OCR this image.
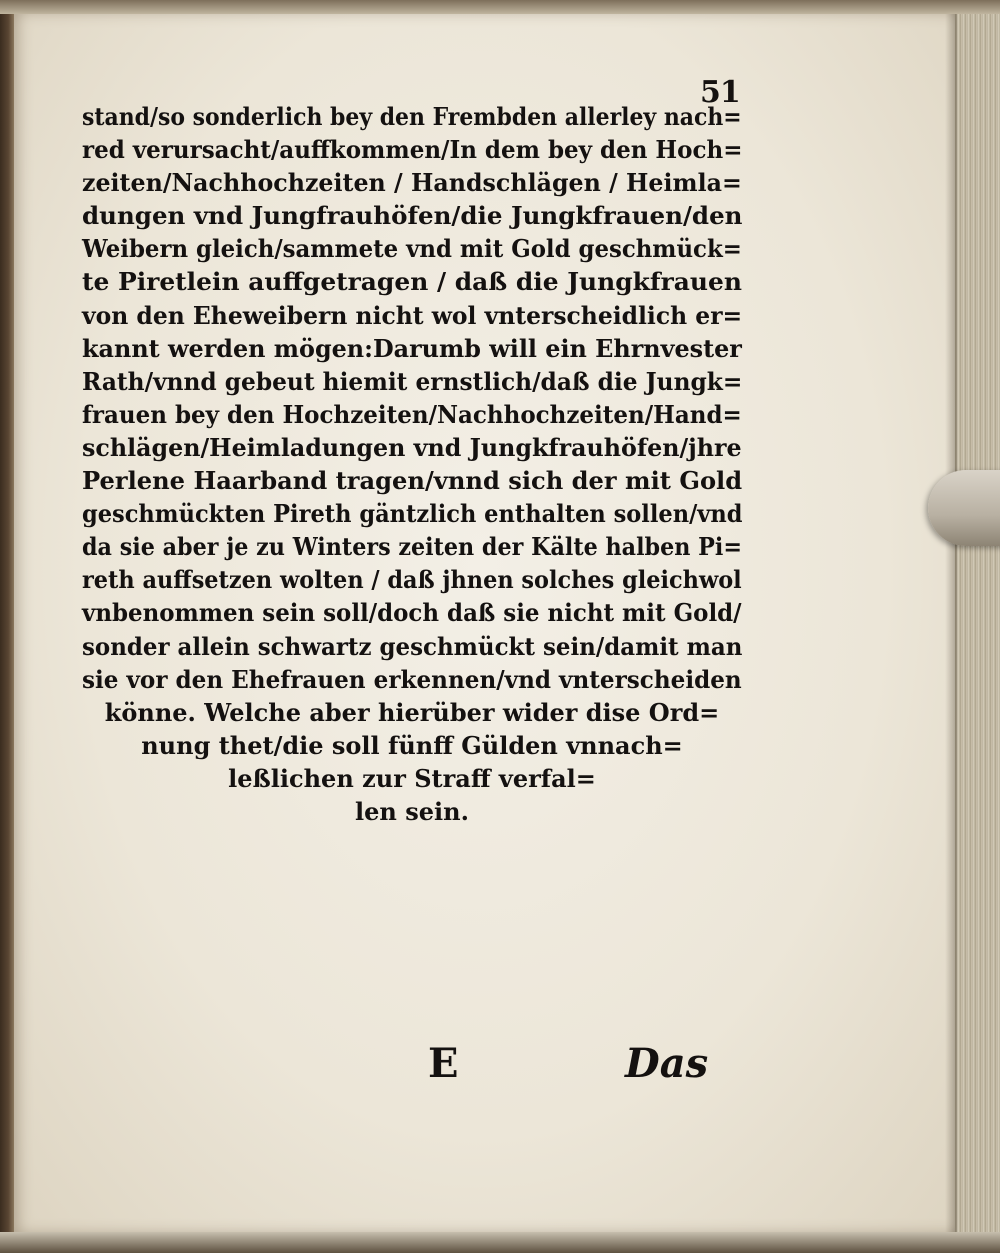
51
stand/so sonderlich bey den Frembden allerley nach=
red verursacht/auffkommen/In dem bey den Hoch=
zeiten/Nachhochzeiten / Handschlägen / Heimla=
dungen vnd Jungfrauhöfen/die Jungkfrauen/den
Weibern gleich/sammete vnd mit Gold geschmück=
te Piretlein auffgetragen / daß die Jungkfrauen
von den Eheweibern nicht wol vnterscheidlich er=
kannt werden mögen:Darumb will ein Ehrnvester
Rath/vnnd gebeut hiemit ernstlich/daß die Jungk=
frauen bey den Hochzeiten/Nachhochzeiten/Hand=
schlägen/Heimladungen vnd Jungkfrauhöfen/jhre
Perlene Haarband tragen/vnnd sich der mit Gold
geschmückten Pireth gäntzlich enthalten sollen/vnd
da sie aber je zu Winters zeiten der Kälte halben Pi=
reth auffsetzen wolten / daß jhnen solches gleichwol
vnbenommen sein soll/doch daß sie nicht mit Gold/
sonder allein schwartz geschmückt sein/damit man
sie vor den Ehefrauen erkennen/vnd vnterscheiden
könne. Welche aber hierüber wider dise Ord=
nung thet/die soll fünff Gülden vnnach=
leßlichen zur Straff verfal=
len sein.
E	Das
